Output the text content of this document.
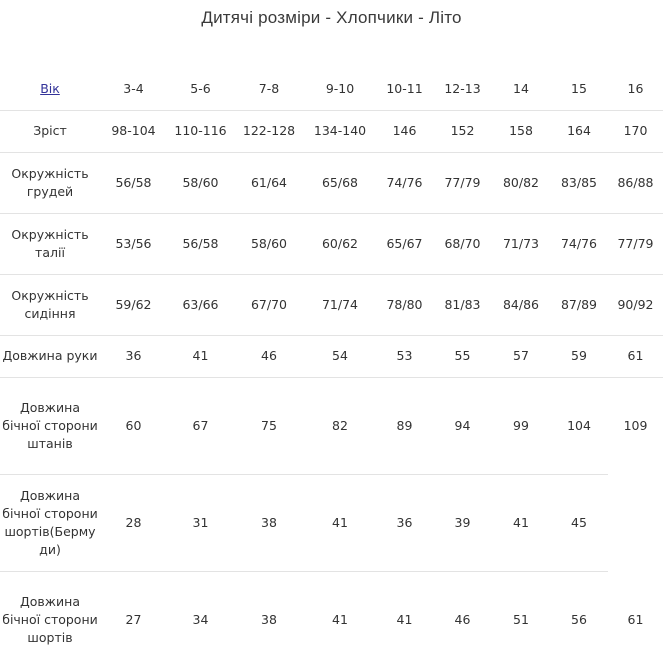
Дитячі розміри - Хлопчики - Літо
Вік	3-4	5-6	7-8	9-10	10-11	12-13	14	15	16
Зріст	98-104	110-116	122-128	134-140	146	152	158	164	170
Окружність грудей	56/58	58/60	61/64	65/68	74/76	77/79	80/82	83/85	86/88
Окружність талії	53/56	56/58	58/60	60/62	65/67	68/70	71/73	74/76	77/79
Окружність сидіння	59/62	63/66	67/70	71/74	78/80	81/83	84/86	87/89	90/92
Довжина руки	36	41	46	54	53	55	57	59	61
Довжина бічної сторони штанів	60	67	75	82	89	94	99	104	109
Довжина бічної сторони шортів(Бермуди)	28	31	38	41	36	39	41	45	
Довжина бічної сторони шортів	27	34	38	41	41	46	51	56	61
